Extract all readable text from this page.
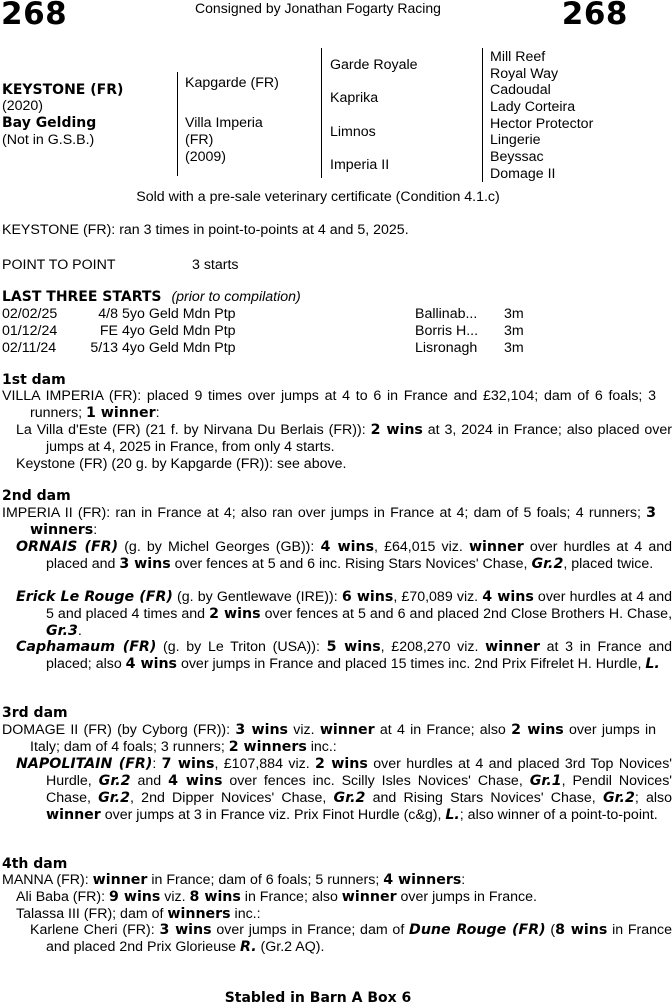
268	Consigned by Jonathan Fogarty Racing	268
KEYSTONE (FR)
(2020)
Bay Gelding
(Not in G.S.B.)
Kapgarde (FR)
Villa Imperia
(FR)
(2009)
Garde Royale
Kaprika
Limnos
Imperia II
Mill Reef
Royal Way
Cadoudal
Lady Corteira
Hector Protector
Lingerie
Beyssac
Domage II
Sold with a pre-sale veterinary certificate (Condition 4.1.c)
KEYSTONE (FR): ran 3 times in point-to-points at 4 and 5, 2025.
POINT TO POINT	3 starts
LAST THREE STARTS (prior to compilation)
02/02/25	4/8	5yo Geld Mdn Ptp	Ballinab...	3m
01/12/24	FE	4yo Geld Mdn Ptp	Borris H...	3m
02/11/24	5/13	4yo Geld Mdn Ptp	Lisronagh	3m
1st dam
VILLA IMPERIA (FR): placed 9 times over jumps at 4 to 6 in France and £32,104; dam of 6 foals; 3 runners; 1 winner:
La Villa d'Este (FR) (21 f. by Nirvana Du Berlais (FR)): 2 wins at 3, 2024 in France; also placed over jumps at 4, 2025 in France, from only 4 starts.
Keystone (FR) (20 g. by Kapgarde (FR)): see above.
2nd dam
IMPERIA II (FR): ran in France at 4; also ran over jumps in France at 4; dam of 5 foals; 4 runners; 3 winners:
ORNAIS (FR) (g. by Michel Georges (GB)): 4 wins, £64,015 viz. winner over hurdles at 4 and placed and 3 wins over fences at 5 and 6 inc. Rising Stars Novices' Chase, Gr.2, placed twice.
Erick Le Rouge (FR) (g. by Gentlewave (IRE)): 6 wins, £70,089 viz. 4 wins over hurdles at 4 and 5 and placed 4 times and 2 wins over fences at 5 and 6 and placed 2nd Close Brothers H. Chase, Gr.3.
Caphamaum (FR) (g. by Le Triton (USA)): 5 wins, £208,270 viz. winner at 3 in France and placed; also 4 wins over jumps in France and placed 15 times inc. 2nd Prix Fifrelet H. Hurdle, L.
3rd dam
DOMAGE II (FR) (by Cyborg (FR)): 3 wins viz. winner at 4 in France; also 2 wins over jumps in Italy; dam of 4 foals; 3 runners; 2 winners inc.:
NAPOLITAIN (FR): 7 wins, £107,884 viz. 2 wins over hurdles at 4 and placed 3rd Top Novices' Hurdle, Gr.2 and 4 wins over fences inc. Scilly Isles Novices' Chase, Gr.1, Pendil Novices' Chase, Gr.2, 2nd Dipper Novices' Chase, Gr.2 and Rising Stars Novices' Chase, Gr.2; also winner over jumps at 3 in France viz. Prix Finot Hurdle (c&g), L.; also winner of a point-to-point.
4th dam
MANNA (FR): winner in France; dam of 6 foals; 5 runners; 4 winners:
Ali Baba (FR): 9 wins viz. 8 wins in France; also winner over jumps in France.
Talassa III (FR); dam of winners inc.:
Karlene Cheri (FR): 3 wins over jumps in France; dam of Dune Rouge (FR) (8 wins in France and placed 2nd Prix Glorieuse R. (Gr.2 AQ).
Stabled in Barn A Box 6
